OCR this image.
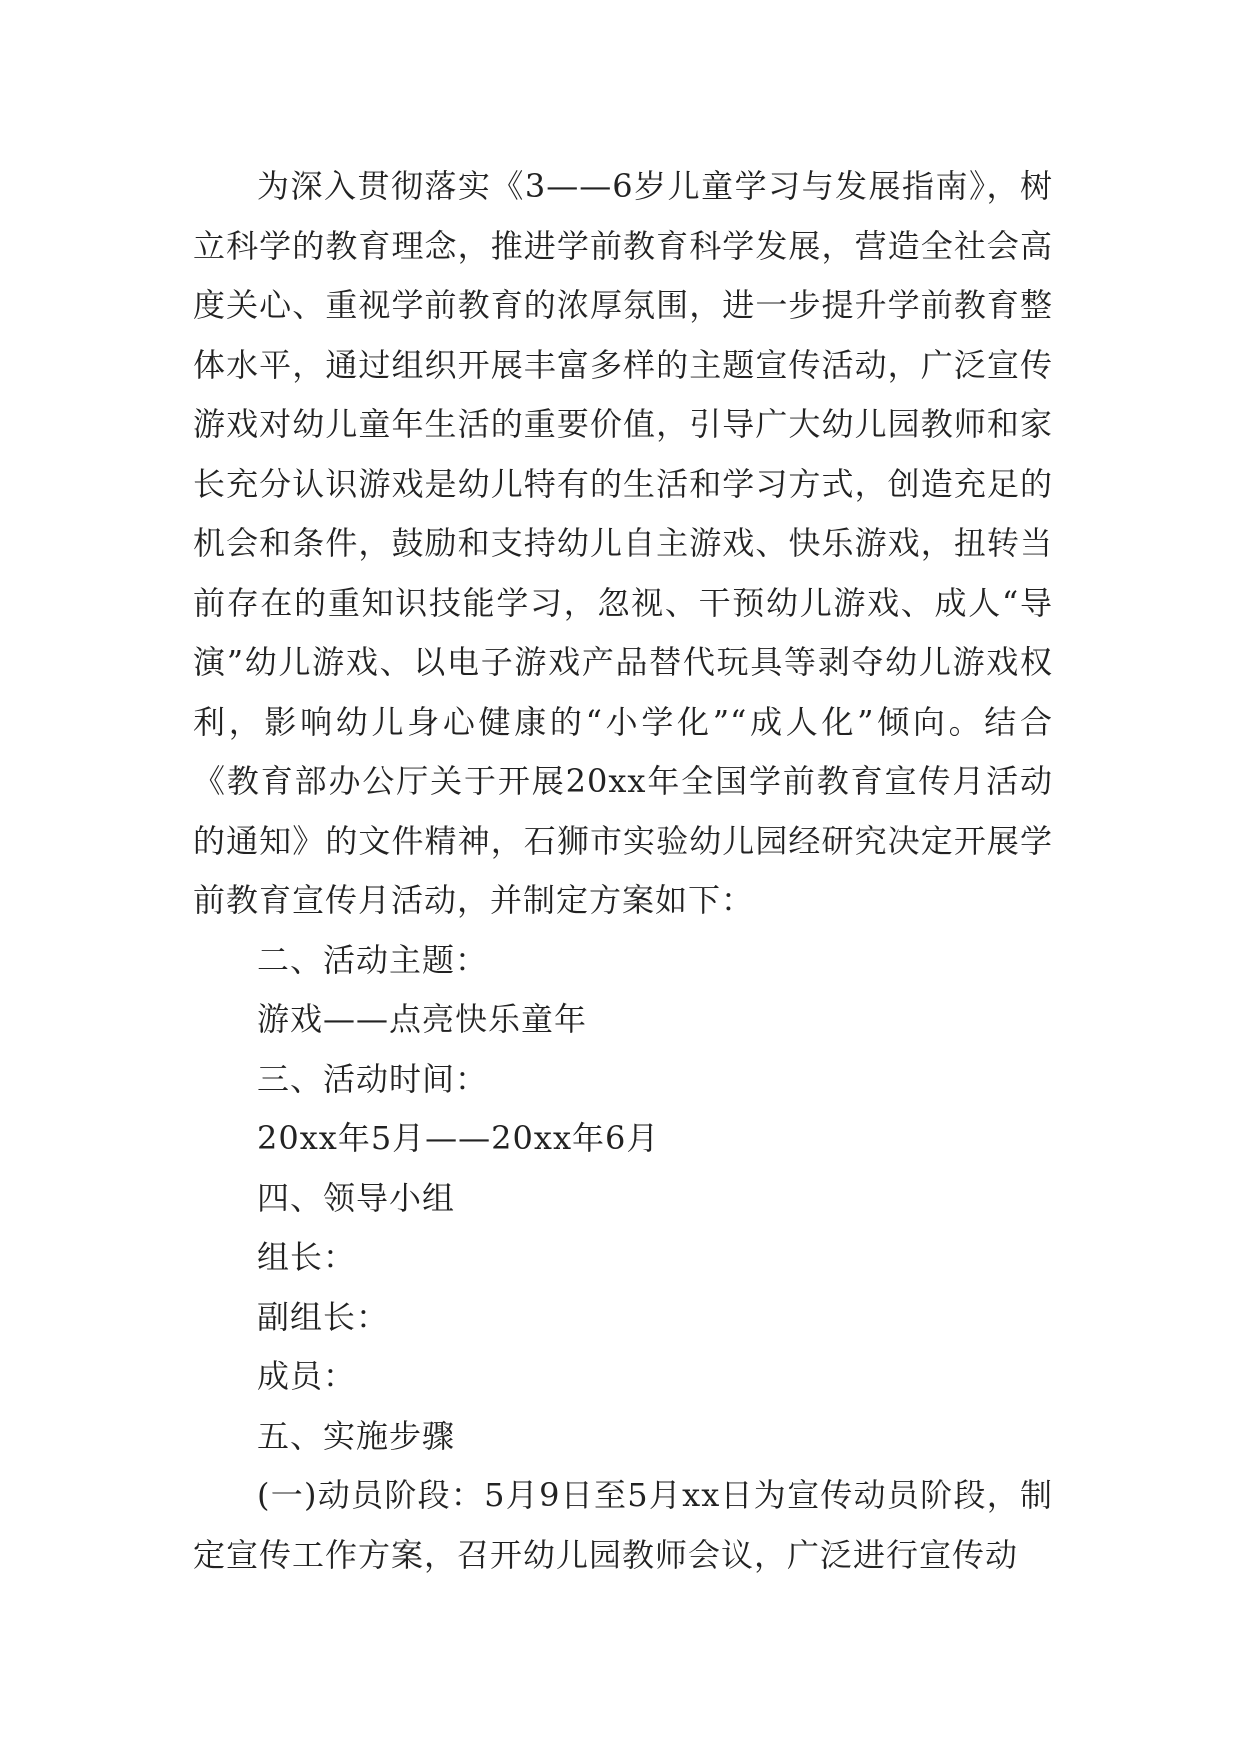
为深入贯彻落实《3——6岁儿童学习与发展指南》，树立科学的教育理念，推进学前教育科学发展，营造全社会高度关心、重视学前教育的浓厚氛围，进一步提升学前教育整体水平，通过组织开展丰富多样的主题宣传活动，广泛宣传游戏对幼儿童年生活的重要价值，引导广大幼儿园教师和家长充分认识游戏是幼儿特有的生活和学习方式，创造充足的机会和条件，鼓励和支持幼儿自主游戏、快乐游戏，扭转当前存在的重知识技能学习，忽视、干预幼儿游戏、成人“导演”幼儿游戏、以电子游戏产品替代玩具等剥夺幼儿游戏权利，影响幼儿身心健康的“小学化”“成人化”倾向。结合《教育部办公厅关于开展20xx年全国学前教育宣传月活动的通知》的文件精神，石狮市实验幼儿园经研究决定开展学前教育宣传月活动，并制定方案如下：

二、活动主题：

游戏——点亮快乐童年

三、活动时间：

20xx年5月——20xx年6月

四、领导小组

组长：

副组长：

成员：

五、实施步骤

(一)动员阶段：5月9日至5月xx日为宣传动员阶段，制定宣传工作方案，召开幼儿园教师会议，广泛进行宣传动
